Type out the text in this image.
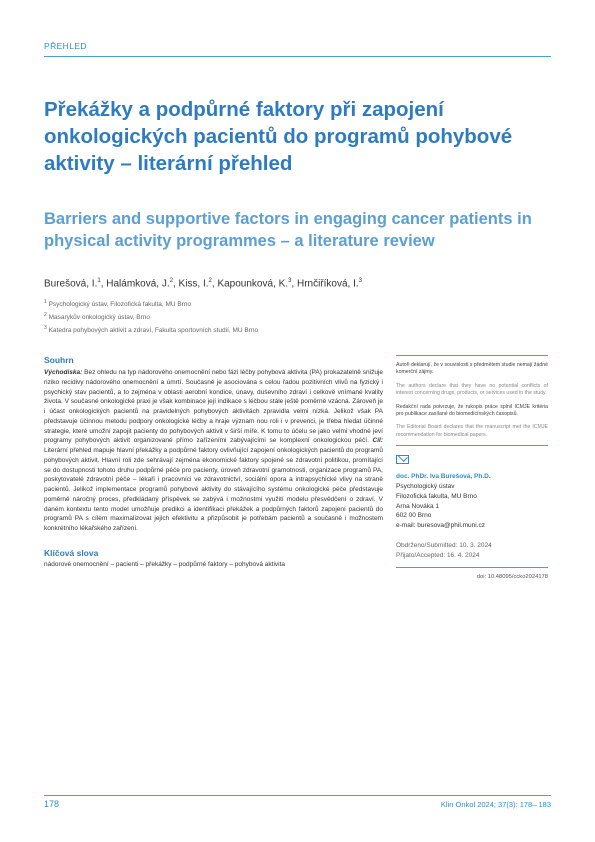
PŘEHLED
Překážky a podpůrné faktory při zapojení onkologických pacientů do programů pohybové aktivity – literární přehled
Barriers and supportive factors in engaging cancer patients in physical activity programmes – a literature review
Burešová, I.$^1$, Halámková, J.$^2$, Kiss, I.$^2$, Kapounková, K.$^3$, Hrnčiříková, I.$^3$
$^1$ Psychologický ústav, Filozofická fakulta, MU Brno
$^2$ Masarykův onkologický ústav, Brno
$^3$ Katedra pohybových aktivit a zdraví, Fakulta sportovních studií, MU Brno
Souhrn

Východiska: Bez ohledu na typ nádorového onemocnění nebo fázi léčby pohybová aktivita (PA) prokazatelně snižuje riziko recidivy nádorového onemocnění a úmrtí. Současně je asociována s celou řadou pozitivních vlivů na fyzický i psychický stav pacientů, a to zejména v oblasti aerobní kondice, únavy, duševního zdraví i celkově vnímané kvality života. V současné onkologické praxi je však kombinace její indikace s léčbou stále ještě poměrně vzácná. Zároveň je i účast onkologických pacientů na pravidelných pohybových aktivitách zpravidla velmi nízká. Jelikož však PA představuje účinnou metodu podpory onkologické léčby a hraje význam nou roli i v prevenci, je třeba hledat účinné strategie, které umožní zapojit pacienty do pohybových aktivit v širší míře. K tomu to účelu se jako velmi vhodné jeví programy pohybových aktivit organizované přímo zařízeními zabývajícími se komplexní onkologickou péčí. Cíl: Literární přehled mapuje hlavní překážky a podpůrné faktory ovlivňující zapojení onkologických pacientů do programů pohybových aktivit. Hlavní roli zde sehrávají zejména ekonomické faktory spojené se zdravotní politikou, promítající se do dostupnosti tohoto druhu podpůrné péče pro pacienty, úroveň zdravotní gramotnosti, organizace programů PA, poskytovatelé zdravotní péče – lékaři i pracovníci ve zdravotnictví, sociální opora a intrapsychické vlivy na straně pacientů. Jelikož implementace programů pohybové aktivity do stávajícího systému onkologické péče představuje poměrně náročný proces, předkládaný příspěvek se zabývá i možnostmi využití modelu přesvědčení o zdraví. V daném kontextu tento model umožňuje predikci a identifikaci překážek a podpůrných faktorů zapojení pacientů do programů PA s cílem maximalizovat jejich efektivitu a přizpůsobit je potřebám pacientů a současně i možnostem konkrétního lékařského zařízení.

Klíčová slova
nádorové onemocnění – pacienti – překážky – podpůrné faktory – pohybová aktivita

Autoři deklarují, že v souvislosti s předmětem studie nemají žádné komerční zájmy.

The authors declare that they have no potential conflicts of interest concerning drugs, products, or services used in the study.

Redakční rada potvrzuje, že rukopis práce splnil ICMJE kritéria pro publikace zasílané do biomedicínských časopisů.

The Editorial Board declares that the manuscript met the ICMJE recommendation for biomedical papers.

doc. PhDr. Iva Burešová, Ph.D.
Psychologický ústav
Filozofická fakulta, MU Brno
Arna Nováka 1
602 00 Brno
e-mail: buresova@phil.muni.cz
Obdrženo/Submitted: 10. 3. 2024
Přijato/Accepted: 16. 4. 2024
doi: 10.48095/ccko2024178
178	Klin Onkol 2024; 37(3): 178– 183
